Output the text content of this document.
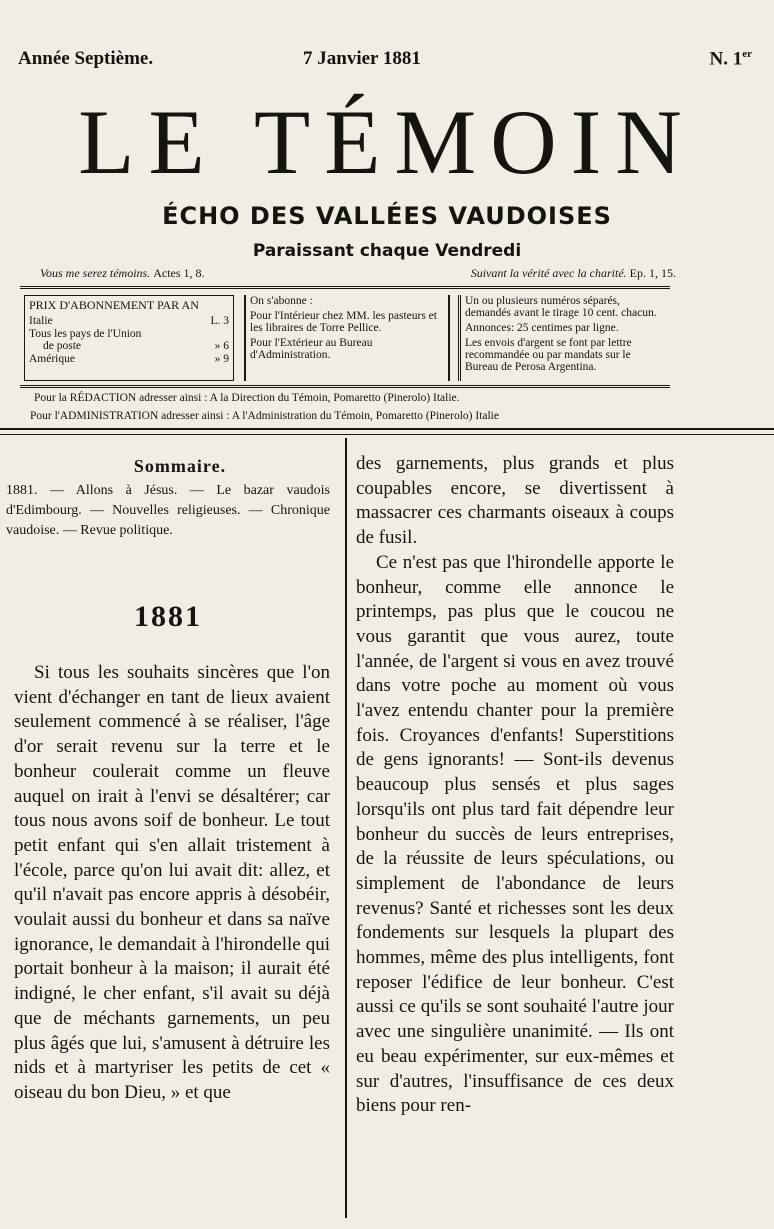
Année Septième.	7 Janvier 1881	N. 1er
LE TÉMOIN
ÉCHO DES VALLÉES VAUDOISES
Paraissant chaque Vendredi
Vous me serez témoins. Actes 1, 8.	Suivant la vérité avec la charité. Ep. 1, 15.
PRIX D'ABONNEMENT PAR AN
Italie	L. 3
Tous les pays de l'Union
de poste	» 6
Amérique	» 9

On s'abonne :

Pour l'Intérieur chez MM. les pasteurs et les libraires de Torre Pellice.

Pour l'Extérieur au Bureau d'Administration.

Un ou plusieurs numéros séparés, demandés avant le tirage 10 cent. chacun.

Annonces: 25 centimes par ligne.

Les envois d'argent se font par lettre recommandée ou par mandats sur le Bureau de Perosa Argentina.

Pour la RÉDACTION adresser ainsi : A la Direction du Témoin, Pomaretto (Pinerolo) Italie.
Pour l'ADMINISTRATION adresser ainsi : A l'Administration du Témoin, Pomaretto (Pinerolo) Italie
Sommaire.
1881. — Allons à Jésus. — Le bazar vaudois d'Edimbourg. — Nouvelles religieuses. — Chronique vaudoise. — Revue politique.
1881
Si tous les souhaits sincères que l'on vient d'échanger en tant de lieux avaient seulement commencé à se réaliser, l'âge d'or serait revenu sur la terre et le bonheur coulerait comme un fleuve auquel on irait à l'envi se désaltérer; car tous nous avons soif de bonheur. Le tout petit enfant qui s'en allait tristement à l'école, parce qu'on lui avait dit: allez, et qu'il n'avait pas encore appris à désobéir, voulait aussi du bonheur et dans sa naïve ignorance, le demandait à l'hirondelle qui portait bonheur à la maison; il aurait été indigné, le cher enfant, s'il avait su déjà que de méchants garnements, un peu plus âgés que lui, s'amusent à détruire les nids et à martyriser les petits de cet « oiseau du bon Dieu, » et que

des garnements, plus grands et plus coupables encore, se divertissent à massacrer ces charmants oiseaux à coups de fusil.

Ce n'est pas que l'hirondelle apporte le bonheur, comme elle annonce le printemps, pas plus que le coucou ne vous garantit que vous aurez, toute l'année, de l'argent si vous en avez trouvé dans votre poche au moment où vous l'avez entendu chanter pour la première fois. Croyances d'enfants! Superstitions de gens ignorants! — Sont-ils devenus beaucoup plus sensés et plus sages lorsqu'ils ont plus tard fait dépendre leur bonheur du succès de leurs entreprises, de la réussite de leurs spéculations, ou simplement de l'abondance de leurs revenus? Santé et richesses sont les deux fondements sur lesquels la plupart des hommes, même des plus intelligents, font reposer l'édifice de leur bonheur. C'est aussi ce qu'ils se sont souhaité l'autre jour avec une singulière unanimité. — Ils ont eu beau expérimenter, sur eux-mêmes et sur d'autres, l'insuffisance de ces deux biens pour ren-
